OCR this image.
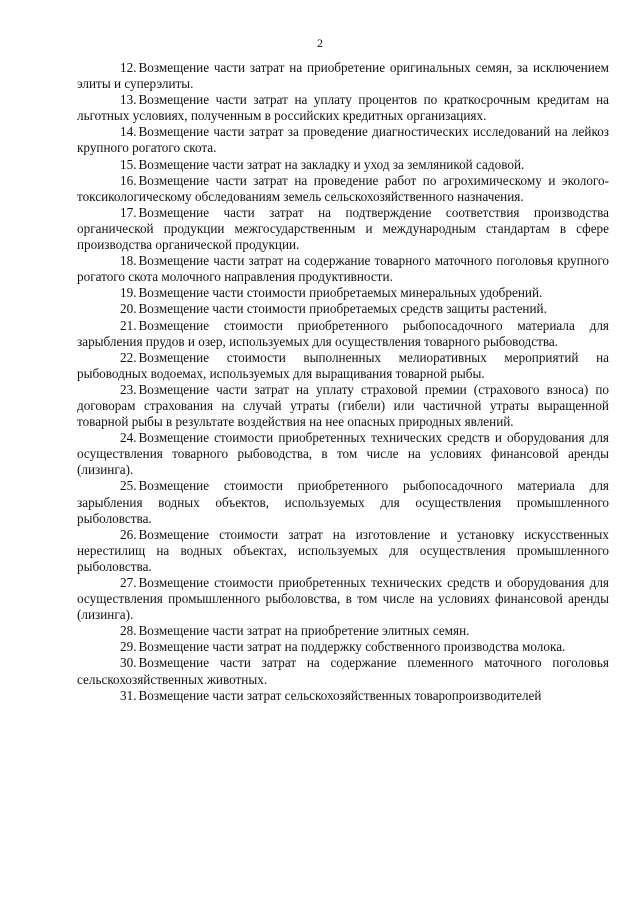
2

12. Возмещение части затрат на приобретение оригинальных семян, за исключением элиты и суперэлиты.

13. Возмещение части затрат на уплату процентов по краткосрочным кредитам на льготных условиях, полученным в российских кредитных организациях.

14. Возмещение части затрат за проведение диагностических исследований на лейкоз крупного рогатого скота.

15. Возмещение части затрат на закладку и уход за земляникой садовой.

16. Возмещение части затрат на проведение работ по агрохимическому и эколого-токсикологическому обследованиям земель сельскохозяйственного назначения.

17. Возмещение части затрат на подтверждение соответствия производства органической продукции межгосударственным и международным стандартам в сфере производства органической продукции.

18. Возмещение части затрат на содержание товарного маточного поголовья крупного рогатого скота молочного направления продуктивности.

19. Возмещение части стоимости приобретаемых минеральных удобрений.

20. Возмещение части стоимости приобретаемых средств защиты растений.

21. Возмещение стоимости приобретенного рыбопосадочного материала для зарыбления прудов и озер, используемых для осуществления товарного рыбоводства.

22. Возмещение стоимости выполненных мелиоративных мероприятий на рыбоводных водоемах, используемых для выращивания товарной рыбы.

23. Возмещение части затрат на уплату страховой премии (страхового взноса) по договорам страхования на случай утраты (гибели) или частичной утраты выращенной товарной рыбы в результате воздействия на нее опасных природных явлений.

24. Возмещение стоимости приобретенных технических средств и оборудования для осуществления товарного рыбоводства, в том числе на условиях финансовой аренды (лизинга).

25. Возмещение стоимости приобретенного рыбопосадочного материала для зарыбления водных объектов, используемых для осуществления промышленного рыболовства.

26. Возмещение стоимости затрат на изготовление и установку искусственных нерестилищ на водных объектах, используемых для осуществления промышленного рыболовства.

27. Возмещение стоимости приобретенных технических средств и оборудования для осуществления промышленного рыболовства, в том числе на условиях финансовой аренды (лизинга).

28. Возмещение части затрат на приобретение элитных семян.

29. Возмещение части затрат на поддержку собственного производства молока.

30. Возмещение части затрат на содержание племенного маточного поголовья сельскохозяйственных животных.

31. Возмещение части затрат сельскохозяйственных товаропроизводителей
